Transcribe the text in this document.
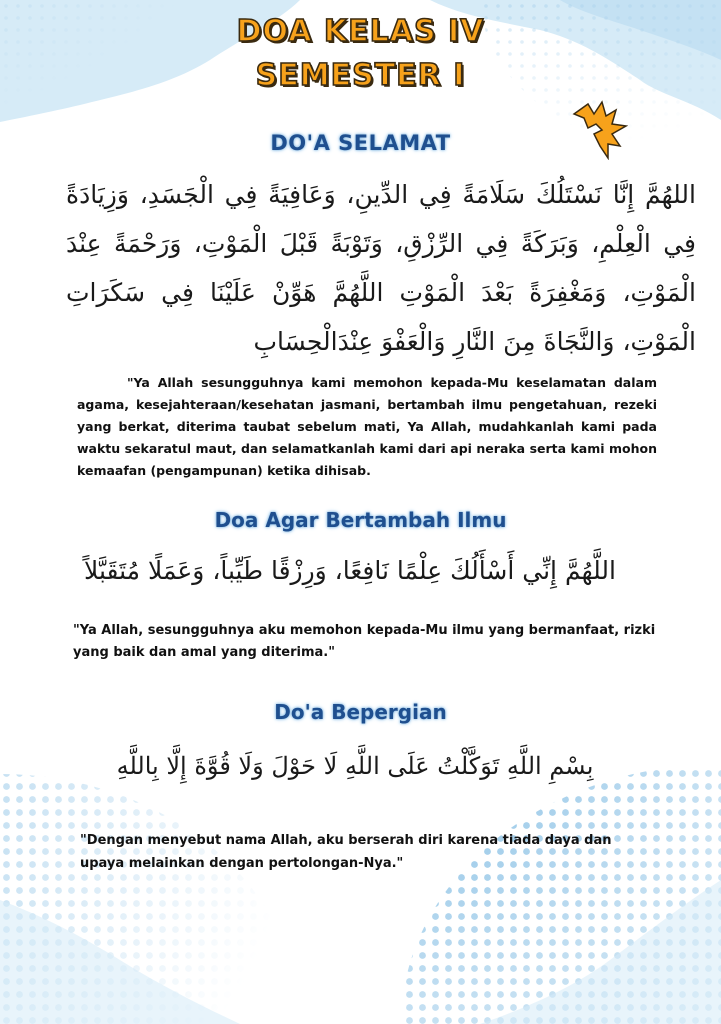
DOA KELAS IV
SEMESTER I
DO'A SELAMAT
اللهُمَّ إِنَّا نَسْتَلُكَ سَلَامَةً فِي الدِّينِ، وَعَافِيَةً فِي الْجَسَدِ، وَزِيَادَةً فِي الْعِلْمِ، وَبَرَكَةً فِي الرِّزْقِ، وَتَوْبَةً قَبْلَ الْمَوْتِ، وَرَحْمَةً عِنْدَ الْمَوْتِ، وَمَغْفِرَةً بَعْدَ الْمَوْتِ اللَّهُمَّ هَوِّنْ عَلَيْنَا فِي سَكَرَاتِ الْمَوْتِ، وَالنَّجَاةَ مِنَ النَّارِ وَالْعَفْوَ عِنْدَالْحِسَابِ
"Ya Allah sesungguhnya kami memohon kepada-Mu keselamatan dalam agama, kesejahteraan/kesehatan jasmani, bertambah ilmu pengetahuan, rezeki yang berkat, diterima taubat sebelum mati, Ya Allah, mudahkanlah kami pada waktu sekaratul maut, dan selamatkanlah kami dari api neraka serta kami mohon kemaafan (pengampunan) ketika dihisab.
Doa Agar Bertambah Ilmu
اللَّهُمَّ إِنِّي أَسْأَلُكَ عِلْمًا نَافِعًا، وَرِزْقًا طَيِّباً، وَعَمَلًا مُتَقَبَّلاً
"Ya Allah, sesungguhnya aku memohon kepada-Mu ilmu yang bermanfaat, rizki yang baik dan amal yang diterima."
Do'a Bepergian
بِسْمِ اللَّهِ تَوَكَّلْتُ عَلَى اللَّهِ لَا حَوْلَ وَلَا قُوَّةَ إِلَّا بِاللَّهِ
"Dengan menyebut nama Allah, aku berserah diri karena tiada daya dan upaya melainkan dengan pertolongan-Nya."
